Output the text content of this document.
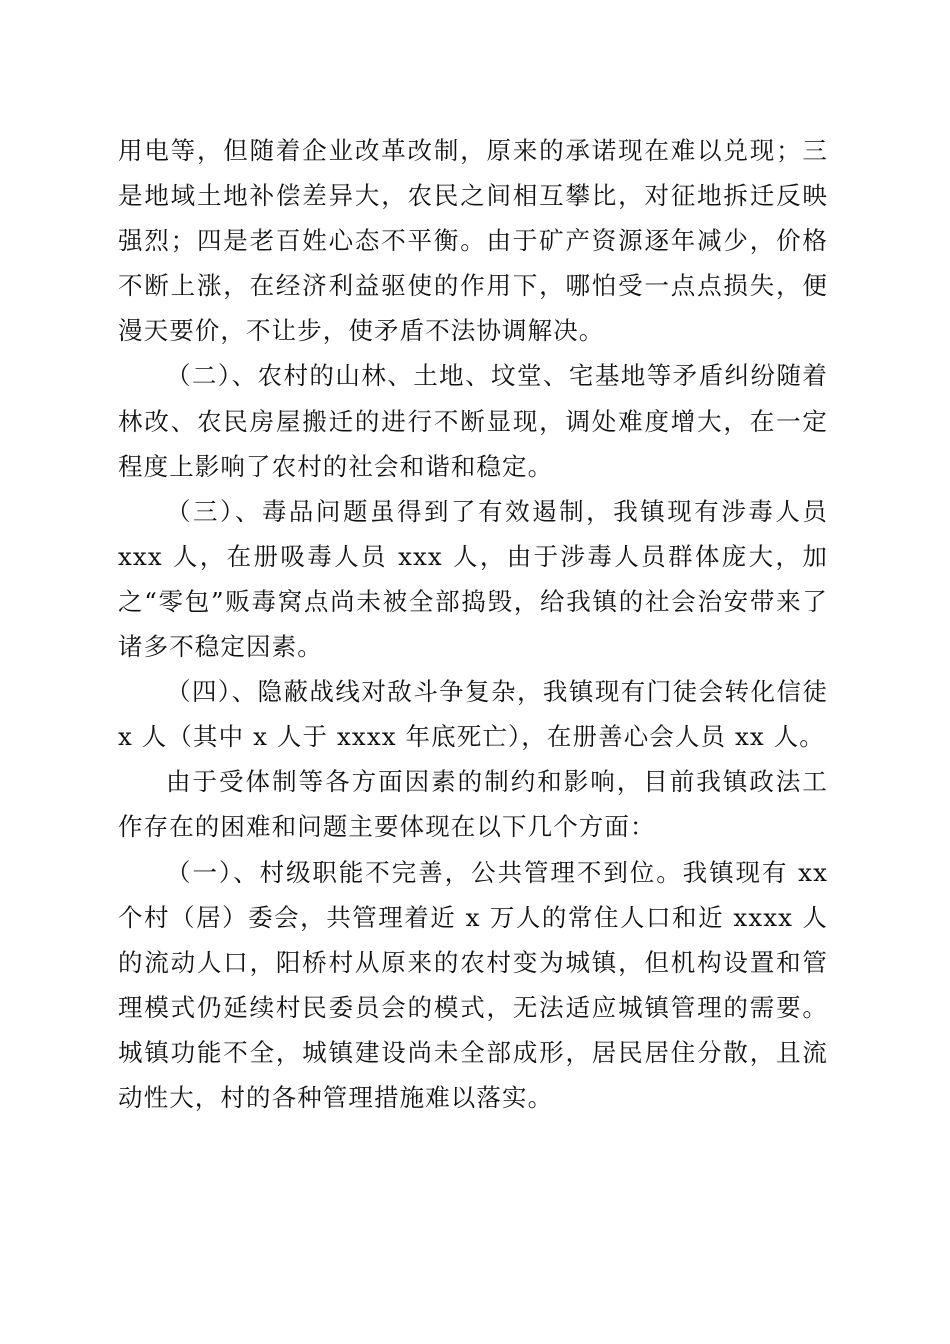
用电等，但随着企业改革改制，原来的承诺现在难以兑现；三是地域土地补偿差异大，农民之间相互攀比，对征地拆迁反映强烈；四是老百姓心态不平衡。由于矿产资源逐年减少，价格不断上涨，在经济利益驱使的作用下，哪怕受一点点损失，便漫天要价，不让步，使矛盾不法协调解决。

（二）、农村的山林、土地、坟堂、宅基地等矛盾纠纷随着林改、农民房屋搬迁的进行不断显现，调处难度增大，在一定程度上影响了农村的社会和谐和稳定。

（三）、毒品问题虽得到了有效遏制，我镇现有涉毒人员 xxx 人，在册吸毒人员 xxx 人，由于涉毒人员群体庞大，加之“零包”贩毒窝点尚未被全部捣毁，给我镇的社会治安带来了诸多不稳定因素。

（四）、隐蔽战线对敌斗争复杂，我镇现有门徒会转化信徒 x 人（其中 x 人于 xxxx 年底死亡），在册善心会人员 xx 人。

由于受体制等各方面因素的制约和影响，目前我镇政法工作存在的困难和问题主要体现在以下几个方面：

（一）、村级职能不完善，公共管理不到位。我镇现有 xx 个村（居）委会，共管理着近 x 万人的常住人口和近 xxxx 人的流动人口，阳桥村从原来的农村变为城镇，但机构设置和管理模式仍延续村民委员会的模式，无法适应城镇管理的需要。城镇功能不全，城镇建设尚未全部成形，居民居住分散，且流动性大，村的各种管理措施难以落实。
